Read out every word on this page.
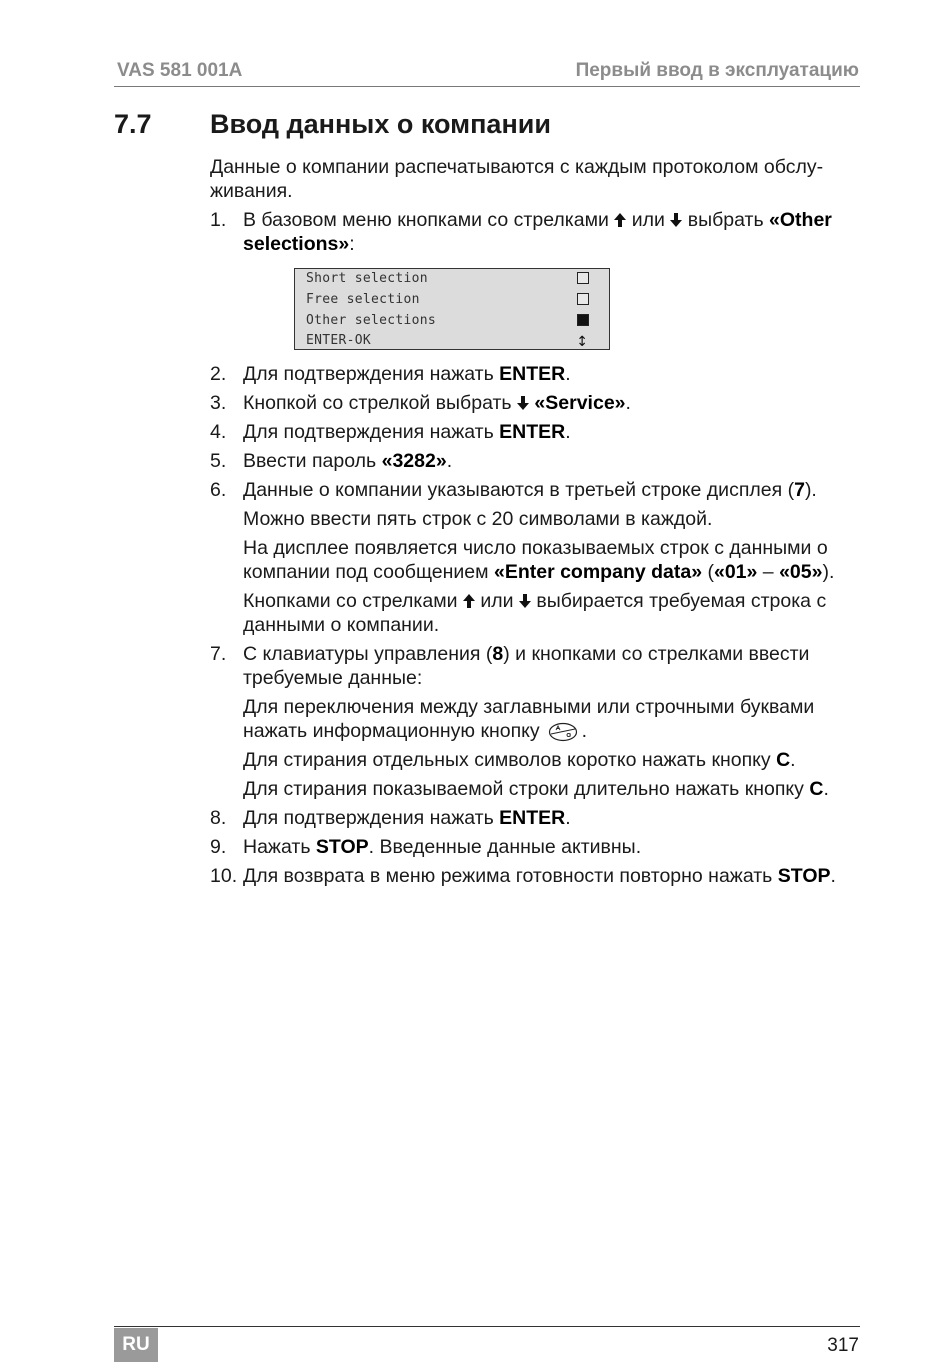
VAS 581 001A	Первый ввод в эксплуатацию
7.7 Ввод данных о компании

Данные о компании распечатываются с каждым протоколом обслу-живания.

1. В базовом меню кнопками со стрелками  или  выбрать «Other selections»:

Short selection
Free selection
Other selections
ENTER-OK	↕
2. Для подтверждения нажать ENTER.

3. Кнопкой со стрелкой выбрать  «Service».

4. Для подтверждения нажать ENTER.

5. Ввести пароль «3282».

6. Данные о компании указываются в третьей строке дисплея (7).

Можно ввести пять строк с 20 символами в каждой.

На дисплее появляется число показываемых строк с данными о компании под сообщением «Enter company data» («01» – «05»).

Кнопками со стрелками  или  выбирается требуемая строка с данными о компании.

7. С клавиатуры управления (8) и кнопками со стрелками ввести требуемые данные:

Для переключения между заглавными или строчными буквами нажать информационную кнопку .

Для стирания отдельных символов коротко нажать кнопку C.

Для стирания показываемой строки длительно нажать кнопку C.

8. Для подтверждения нажать ENTER.

9. Нажать STOP. Введенные данные активны.

10. Для возврата в меню режима готовности повторно нажать STOP.

RU	317
